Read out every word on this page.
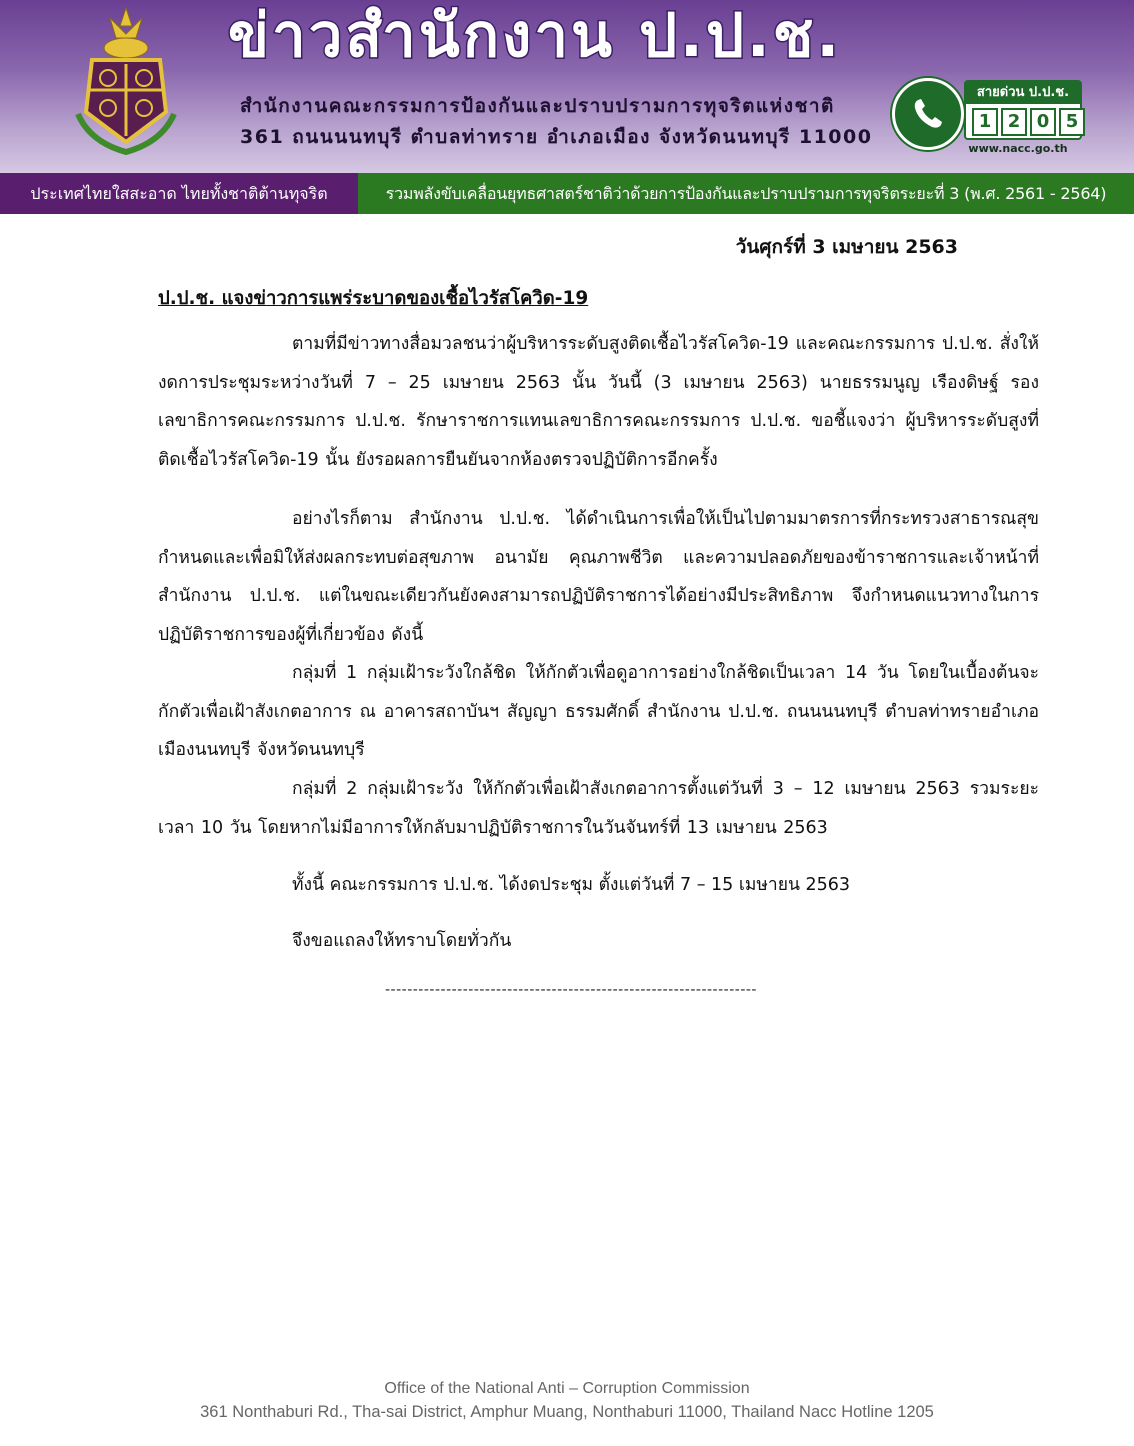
ข่าวสำนักงาน ป.ป.ช.
สำนักงานคณะกรรมการป้องกันและปราบปรามการทุจริตแห่งชาติ
361 ถนนนนทบุรี ตำบลท่าทราย อำเภอเมือง จังหวัดนนทบุรี 11000
สายด่วน ป.ป.ช.
1 2 0 5
www.nacc.go.th
ประเทศไทยใสสะอาด ไทยทั้งชาติต้านทุจริต	รวมพลังขับเคลื่อนยุทธศาสตร์ชาติว่าด้วยการป้องกันและปราบปรามการทุจริตระยะที่ 3 (พ.ศ. 2561 - 2564)
วันศุกร์ที่ 3 เมษายน 2563
ป.ป.ช. แจงข่าวการแพร่ระบาดของเชื้อไวรัสโควิด-19

ตามที่มีข่าวทางสื่อมวลชนว่าผู้บริหารระดับสูงติดเชื้อไวรัสโควิด-19 และคณะกรรมการ ป.ป.ช. สั่งให้งดการประชุมระหว่างวันที่ 7 – 25 เมษายน 2563 นั้น วันนี้ (3 เมษายน 2563) นายธรรมนูญ เรืองดิษฐ์ รองเลขาธิการคณะกรรมการ ป.ป.ช. รักษาราชการแทนเลขาธิการคณะกรรมการ ป.ป.ช. ขอชี้แจงว่า ผู้บริหารระดับสูงที่ติดเชื้อไวรัสโควิด-19 นั้น ยังรอผลการยืนยันจากห้องตรวจปฏิบัติการอีกครั้ง

อย่างไรก็ตาม สำนักงาน ป.ป.ช. ได้ดำเนินการเพื่อให้เป็นไปตามมาตรการที่กระทรวงสาธารณสุขกำหนดและเพื่อมิให้ส่งผลกระทบต่อสุขภาพ อนามัย คุณภาพชีวิต และความปลอดภัยของข้าราชการและเจ้าหน้าที่สำนักงาน ป.ป.ช. แต่ในขณะเดียวกันยังคงสามารถปฏิบัติราชการได้อย่างมีประสิทธิภาพ จึงกำหนดแนวทางในการปฏิบัติราชการของผู้ที่เกี่ยวข้อง ดังนี้

กลุ่มที่ 1 กลุ่มเฝ้าระวังใกล้ชิด ให้กักตัวเพื่อดูอาการอย่างใกล้ชิดเป็นเวลา 14 วัน โดยในเบื้องต้นจะกักตัวเพื่อเฝ้าสังเกตอาการ ณ อาคารสถาบันฯ สัญญา ธรรมศักดิ์ สำนักงาน ป.ป.ช. ถนนนนทบุรี ตำบลท่าทรายอำเภอเมืองนนทบุรี จังหวัดนนทบุรี

กลุ่มที่ 2 กลุ่มเฝ้าระวัง ให้กักตัวเพื่อเฝ้าสังเกตอาการตั้งแต่วันที่ 3 – 12 เมษายน 2563 รวมระยะเวลา 10 วัน โดยหากไม่มีอาการให้กลับมาปฏิบัติราชการในวันจันทร์ที่ 13 เมษายน 2563

ทั้งนี้ คณะกรรมการ ป.ป.ช. ได้งดประชุม ตั้งแต่วันที่ 7 – 15 เมษายน 2563

จึงขอแถลงให้ทราบโดยทั่วกัน

-------------------------------------------------------------------
Office of the National Anti – Corruption Commission
361 Nonthaburi Rd., Tha-sai District, Amphur Muang, Nonthaburi 11000, Thailand Nacc Hotline 1205
